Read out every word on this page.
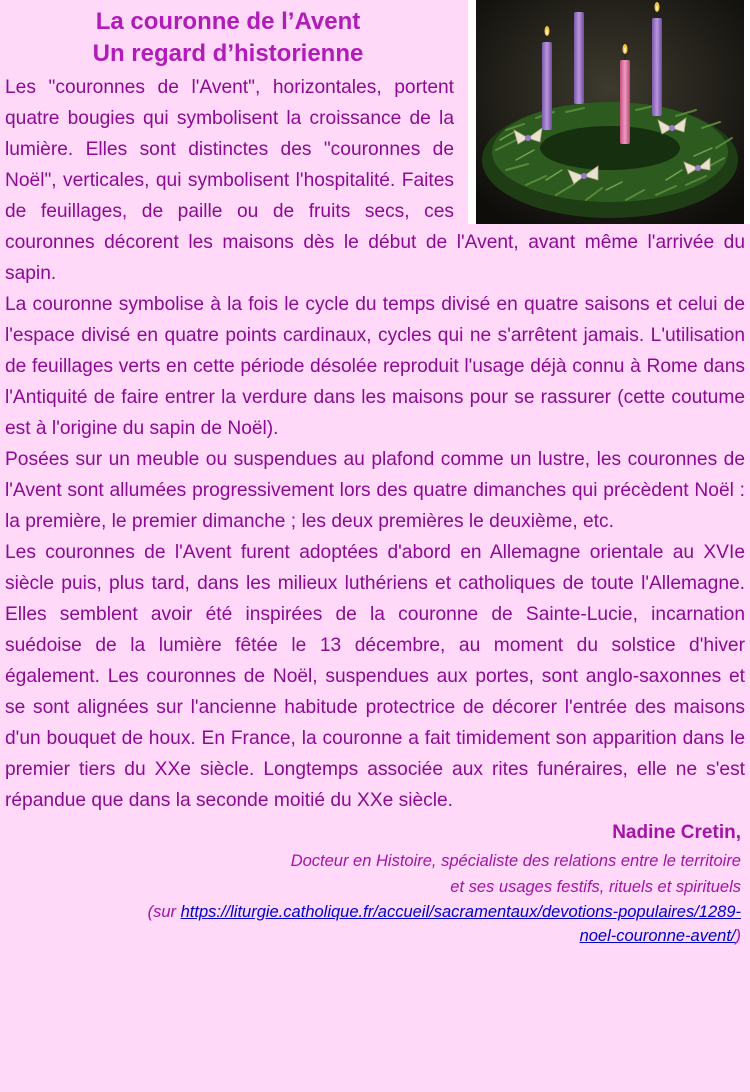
La couronne de l’Avent
Un regard d’historienne

Les "couronnes de l'Avent", horizontales, portent quatre bougies qui symbolisent la croissance de la lumière. Elles sont distinctes des "couronnes de Noël", verticales, qui symbolisent l'hospitalité. Faites de feuillages, de paille ou de fruits secs, ces couronnes décorent les maisons dès le début de l'Avent, avant même l'arrivée du sapin.

La couronne symbolise à la fois le cycle du temps divisé en quatre saisons et celui de l'espace divisé en quatre points cardinaux, cycles qui ne s'arrêtent jamais. L'utilisation de feuillages verts en cette période désolée reproduit l'usage déjà connu à Rome dans l'Antiquité de faire entrer la verdure dans les maisons pour se rassurer (cette coutume est à l'origine du sapin de Noël).

Posées sur un meuble ou suspendues au plafond comme un lustre, les couronnes de l'Avent sont allumées progressivement lors des quatre dimanches qui précèdent Noël : la première, le premier dimanche ; les deux premières le deuxième, etc.

Les couronnes de l'Avent furent adoptées d'abord en Allemagne orientale au XVIe siècle puis, plus tard, dans les milieux luthériens et catholiques de toute l'Allemagne. Elles semblent avoir été inspirées de la couronne de Sainte-Lucie, incarnation suédoise de la lumière fêtée le 13 décembre, au moment du solstice d'hiver également. Les couronnes de Noël, suspendues aux portes, sont anglo-saxonnes et se sont alignées sur l'ancienne habitude protectrice de décorer l'entrée des maisons d'un bouquet de houx. En France, la couronne a fait timidement son apparition dans le premier tiers du XXe siècle. Longtemps associée aux rites funéraires, elle ne s'est répandue que dans la seconde moitié du XXe siècle.

Nadine Cretin,
Docteur en Histoire, spécialiste des relations entre le territoire
et ses usages festifs, rituels et spirituels
(sur https://liturgie.catholique.fr/accueil/sacramentaux/devotions-populaires/1289-
noel-couronne-avent/)
